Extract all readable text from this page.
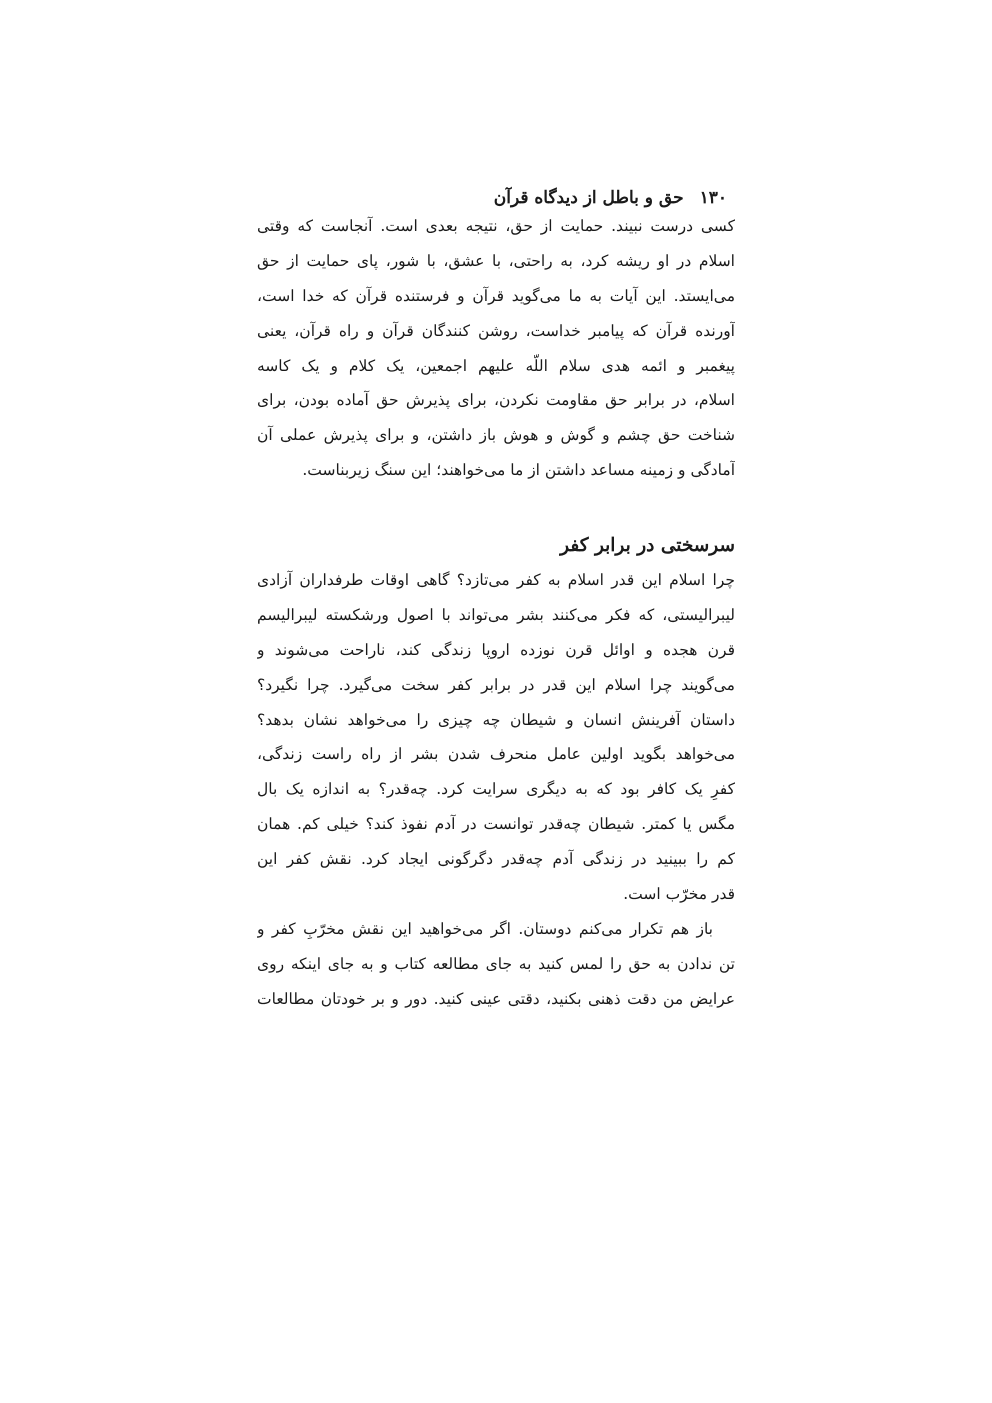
۱۳۰حق و باطل از دیدگاه قرآن
کسی درست نبیند. حمایت از حق، نتیجه بعدی است. آنجاست که وقتی
اسلام در او ریشه کرد، به راحتی، با عشق، با شور، پای حمایت از حق
می‌ایستد. این آیات به ما می‌گوید قرآن و فرستنده قرآن که خدا است،
آورنده قرآن که پیامبر خداست، روشن کنندگان قرآن و راه قرآن، یعنی
پیغمبر و ائمه هدی سلام اللّه علیهم اجمعین، یک کلام و یک کاسه
اسلام، در برابر حق مقاومت نکردن، برای پذیرش حق آماده بودن، برای
شناخت حق چشم و گوش و هوش باز داشتن، و برای پذیرش عملی آن
آمادگی و زمینه مساعد داشتن از ما می‌خواهند؛ این سنگ زیربناست.
سرسختی در برابر کفر
چرا اسلام این قدر اسلام به کفر می‌تازد؟ گاهی اوقات طرفداران آزادی
لیبرالیستی، که فکر می‌کنند بشر می‌تواند با اصول ورشکسته لیبرالیسم
قرن هجده و اوائل قرن نوزده اروپا زندگی کند، ناراحت می‌شوند و
می‌گویند چرا اسلام این قدر در برابر کفر سخت می‌گیرد. چرا نگیرد؟
داستان آفرینش انسان و شیطان چه چیزی را می‌خواهد نشان بدهد؟
می‌خواهد بگوید اولین عامل منحرف شدن بشر از راه راست زندگی،
کفرِ یک کافر بود که به دیگری سرایت کرد. چه‌قدر؟ به اندازه یک بال
مگس یا کمتر. شیطان چه‌قدر توانست در آدم نفوذ کند؟ خیلی کم. همان
کم را ببینید در زندگی آدم چه‌قدر دگرگونی ایجاد کرد. نقش کفر این
قدر مخرّب است.
باز هم تکرار می‌کنم دوستان. اگر می‌خواهید این نقش مخرّبِ کفر و
تن ندادن به حق را لمس کنید به جای مطالعه کتاب و به جای اینکه روی
عرایض من دقت ذهنی بکنید، دقتی عینی کنید. دور و بر خودتان مطالعات
